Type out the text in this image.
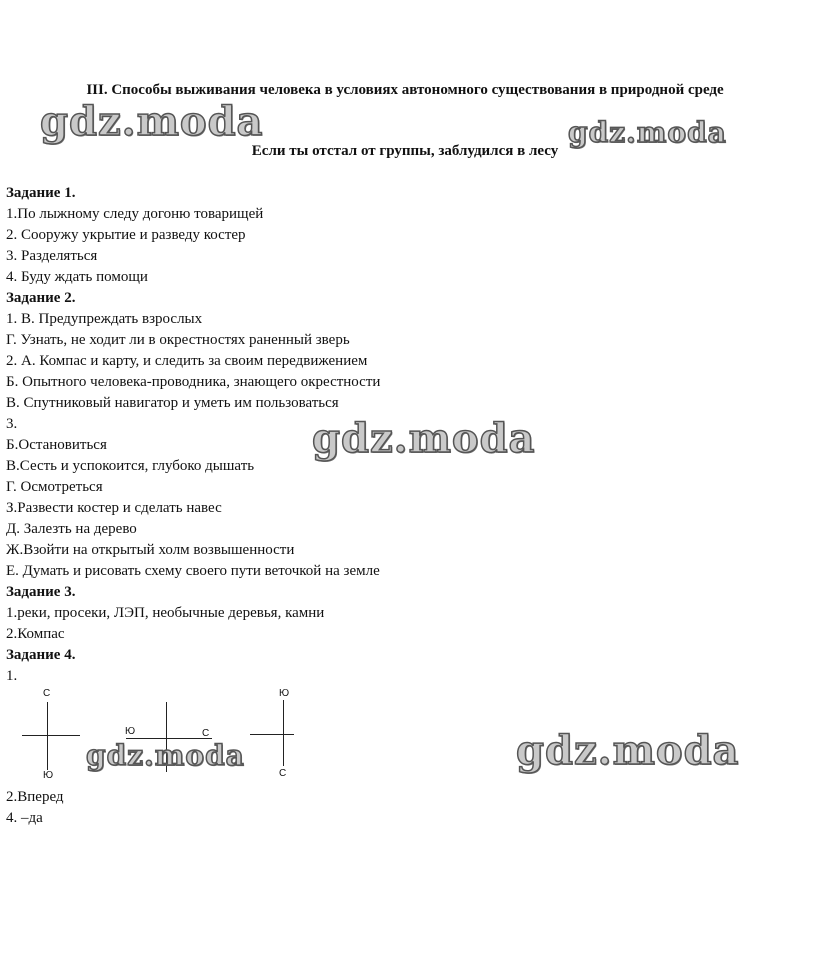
III. Способы выживания человека в условиях автономного существования в природной среде
Если ты отстал от группы, заблудился в лесу
Задание 1.
1.По лыжному следу догоню товарищей
2. Сооружу укрытие и разведу костер
3. Разделяться
4. Буду ждать помощи
Задание 2.
1. В. Предупреждать взрослых
Г. Узнать, не ходит ли в окрестностях раненный зверь
2. А. Компас и карту, и следить за своим передвижением
Б. Опытного человека-проводника, знающего окрестности
В. Спутниковый навигатор и уметь им пользоваться
3.
Б.Остановиться
В.Сесть и успокоится, глубоко дышать
Г. Осмотреться
З.Развести костер и сделать навес
Д. Залезть на дерево
Ж.Взойти на открытый холм возвышенности
Е. Думать и рисовать схему своего пути веточкой на земле
Задание 3.
1.реки, просеки, ЛЭП, необычные деревья, камни
2.Компас
Задание 4.
1.
С
Ю
Ю	С
Ю
С
2.Вперед
4. –да
gdz.moda	gdz.moda
gdz.moda
gdz.moda	gdz.moda
